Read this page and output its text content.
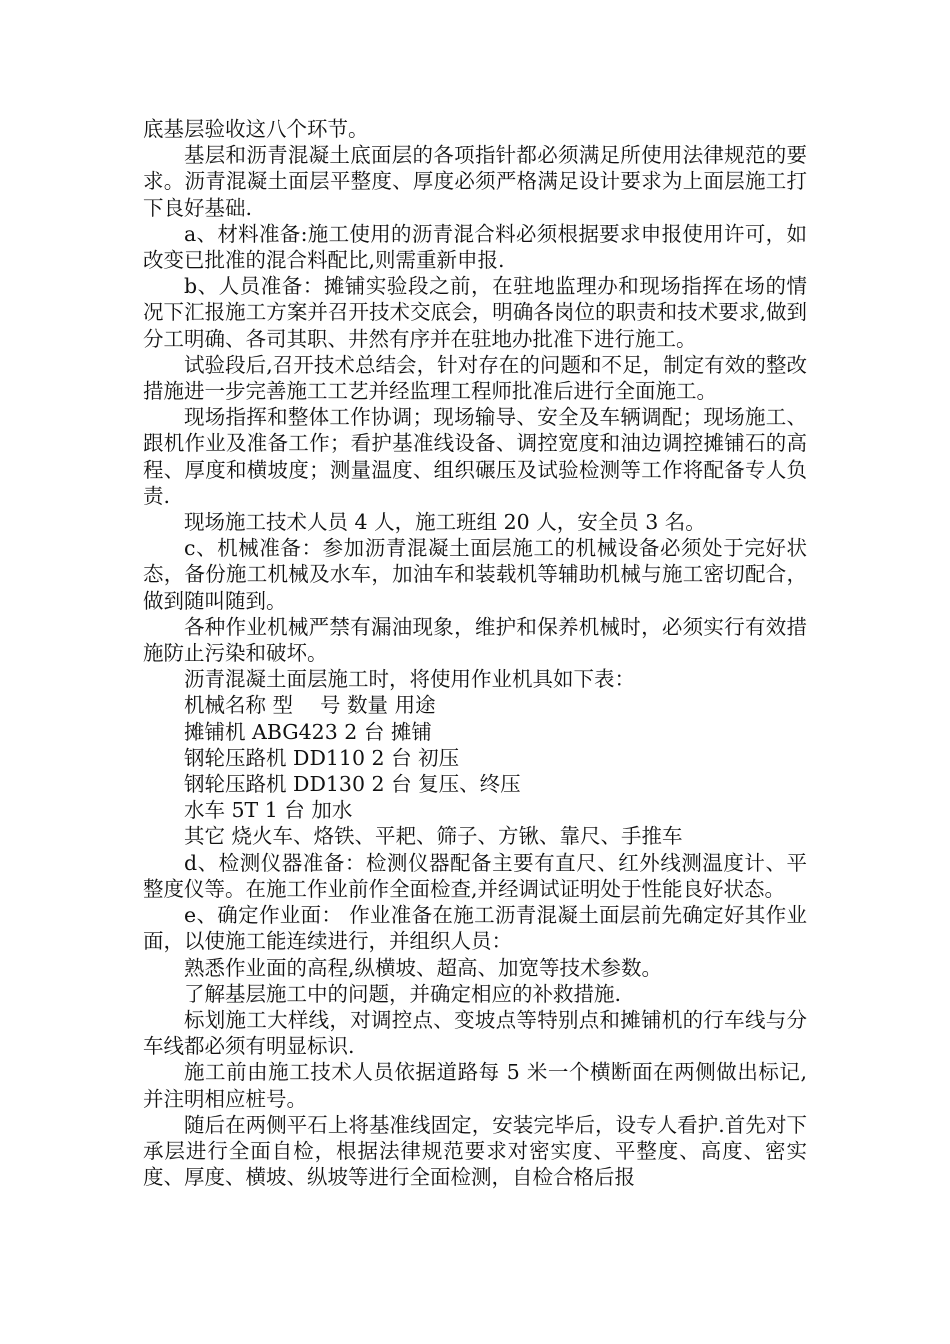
底基层验收这八个环节。

基层和沥青混凝土底面层的各项指针都必须满足所使用法律规范的要求。沥青混凝土面层平整度、厚度必须严格满足设计要求为上面层施工打下良好基础.

a、材料准备:施工使用的沥青混合料必须根据要求申报使用许可，如改变已批准的混合料配比,则需重新申报.

b、人员准备：摊铺实验段之前，在驻地监理办和现场指挥在场的情况下汇报施工方案并召开技术交底会，明确各岗位的职责和技术要求,做到分工明确、各司其职、井然有序并在驻地办批准下进行施工。

试验段后,召开技术总结会，针对存在的问题和不足，制定有效的整改措施进一步完善施工工艺并经监理工程师批准后进行全面施工。

现场指挥和整体工作协调；现场输导、安全及车辆调配；现场施工、跟机作业及准备工作；看护基准线设备、调控宽度和油边调控摊铺石的高程、厚度和横坡度；测量温度、组织碾压及试验检测等工作将配备专人负责.

现场施工技术人员 4 人，施工班组 20 人，安全员 3 名。

c、机械准备：参加沥青混凝土面层施工的机械设备必须处于完好状态，备份施工机械及水车，加油车和装载机等辅助机械与施工密切配合，做到随叫随到。

各种作业机械严禁有漏油现象，维护和保养机械时，必须实行有效措施防止污染和破坏。

沥青混凝土面层施工时，将使用作业机具如下表：

机械名称 型　 号 数量 用途

摊铺机 ABG423 2 台 摊铺

钢轮压路机 DD110 2 台 初压

钢轮压路机 DD130 2 台 复压、终压

水车 5T 1 台 加水

其它 烧火车、烙铁、平耙、筛子、方锹、靠尺、手推车

d、检测仪器准备：检测仪器配备主要有直尺、红外线测温度计、平整度仪等。在施工作业前作全面检查,并经调试证明处于性能良好状态。

e、确定作业面： 作业准备在施工沥青混凝土面层前先确定好其作业面，以使施工能连续进行，并组织人员：

熟悉作业面的高程,纵横坡、超高、加宽等技术参数。

了解基层施工中的问题，并确定相应的补救措施.

标划施工大样线，对调控点、变坡点等特别点和摊铺机的行车线与分车线都必须有明显标识.

施工前由施工技术人员依据道路每 5 米一个横断面在两侧做出标记,并注明相应桩号。

随后在两侧平石上将基准线固定，安装完毕后，设专人看护.首先对下承层进行全面自检，根据法律规范要求对密实度、平整度、高度、密实度、厚度、横坡、纵坡等进行全面检测，自检合格后报
